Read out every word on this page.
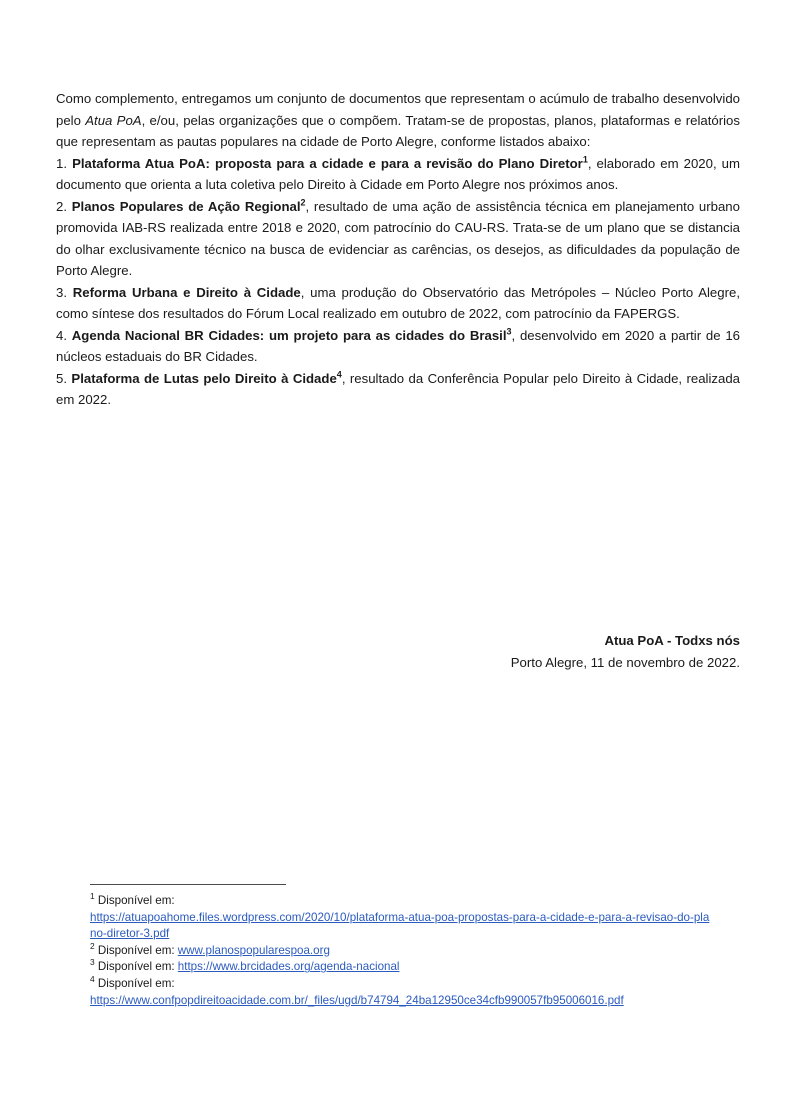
Como complemento, entregamos um conjunto de documentos que representam o acúmulo de trabalho desenvolvido pelo Atua PoA, e/ou, pelas organizações que o compõem. Tratam-se de propostas, planos, plataformas e relatórios que representam as pautas populares na cidade de Porto Alegre, conforme listados abaixo:

1. Plataforma Atua PoA: proposta para a cidade e para a revisão do Plano Diretor$^1$, elaborado em 2020, um documento que orienta a luta coletiva pelo Direito à Cidade em Porto Alegre nos próximos anos.

2. Planos Populares de Ação Regional$^2$, resultado de uma ação de assistência técnica em planejamento urbano promovida IAB-RS realizada entre 2018 e 2020, com patrocínio do CAU-RS. Trata-se de um plano que se distancia do olhar exclusivamente técnico na busca de evidenciar as carências, os desejos, as dificuldades da população de Porto Alegre.

3. Reforma Urbana e Direito à Cidade, uma produção do Observatório das Metrópoles – Núcleo Porto Alegre, como síntese dos resultados do Fórum Local realizado em outubro de 2022, com patrocínio da FAPERGS.

4. Agenda Nacional BR Cidades: um projeto para as cidades do Brasil$^3$, desenvolvido em 2020 a partir de 16 núcleos estaduais do BR Cidades.

5. Plataforma de Lutas pelo Direito à Cidade$^4$, resultado da Conferência Popular pelo Direito à Cidade, realizada em 2022.

Atua PoA - Todxs nós
Porto Alegre, 11 de novembro de 2022.

$^1$ Disponível em:
https://atuapoahome.files.wordpress.com/2020/10/plataforma-atua-poa-propostas-para-a-cidade-e-para-a-revisao-do-plano-diretor-3.pdf

$^2$ Disponível em: www.planospopularespoa.org

$^3$ Disponível em: https://www.brcidades.org/agenda-nacional

$^4$ Disponível em:
https://www.confpopdireitoacidade.com.br/_files/ugd/b74794_24ba12950ce34cfb990057fb95006016.pdf
